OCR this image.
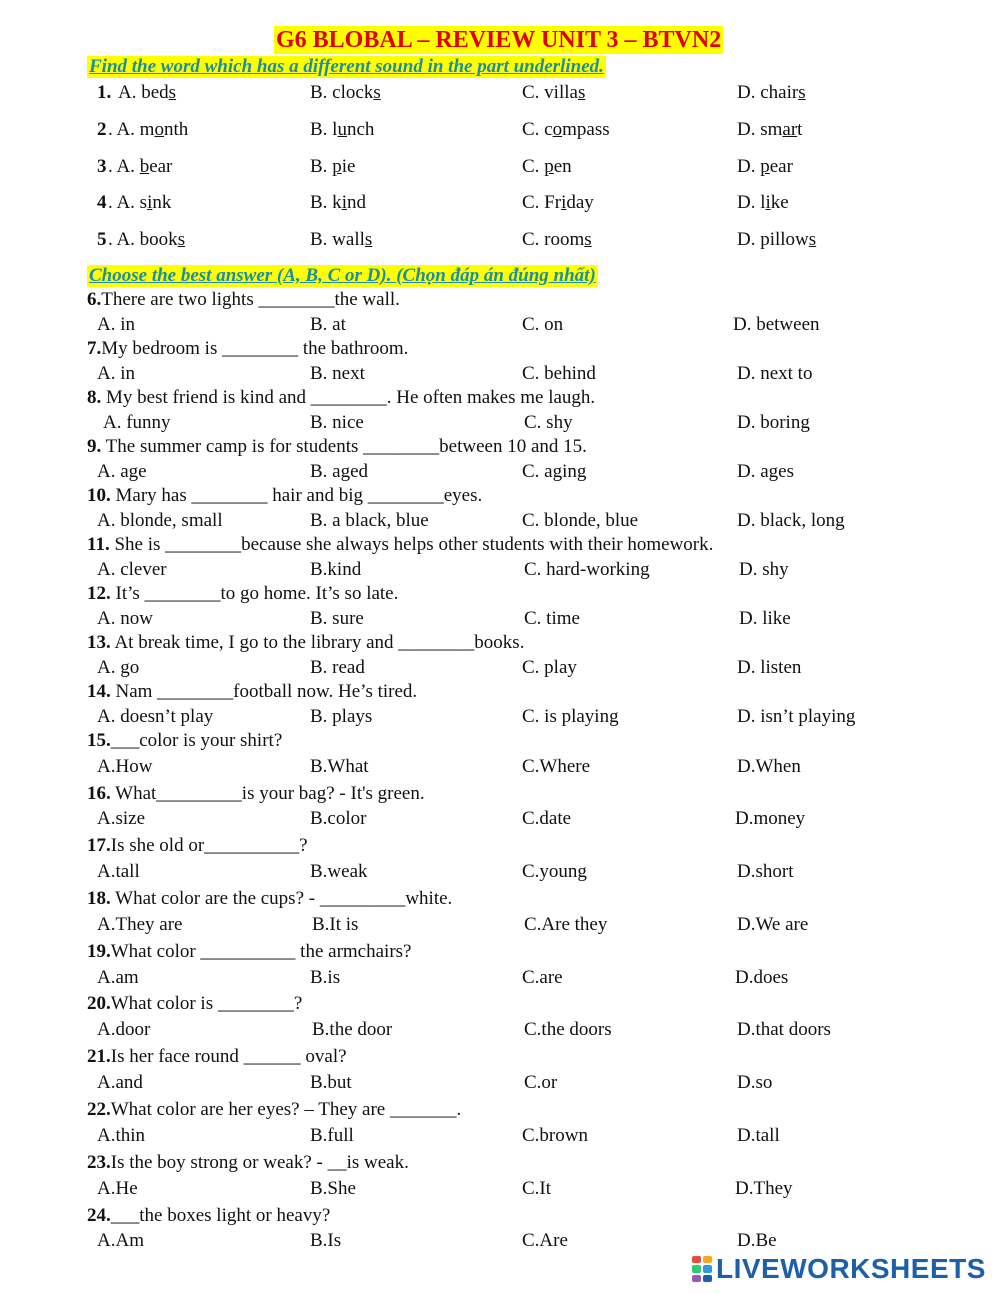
G6 BLOBAL – REVIEW UNIT 3 – BTVN2
Find the word which has a different sound in the part underlined.
1. A. beds	B. clocks	C. villas	D. chairs
2 . A. month	B. lunch	C. compass	D. smart
3 . A. bear	B. pie	C. pen	D. pear
4 . A. sink	B. kind	C. Friday	D. like
5 . A. books	B. walls	C. rooms	D. pillows
Choose the best answer (A, B, C or D). (Chọn đáp án đúng nhất)
6.There are two lights ________the wall.
A. in	B. at	C. on	D. between
7.My bedroom is ________ the bathroom.
A. in	B. next	C. behind	D. next to
8. My best friend is kind and ________. He often makes me laugh.
A. funny	B. nice	C. shy	D. boring
9. The summer camp is for students ________between 10 and 15.
A. age	B. aged	C. aging	D. ages
10. Mary has ________ hair and big ________eyes.
A. blonde, small	B. a black, blue	C. blonde, blue	D. black, long
11. She is ________because she always helps other students with their homework.
A. clever	B.kind	C. hard-working	D. shy
12. It’s ________to go home. It’s so late.
A. now	B. sure	C. time	D. like
13. At break time, I go to the library and ________books.
A. go	B. read	C. play	D. listen
14. Nam ________football now. He’s tired.
A. doesn’t play	B. plays	C. is playing	D. isn’t playing
15.___color is your shirt?
A.How	B.What	C.Where	D.When
16. What_________is your bag? - It's green.
A.size	B.color	C.date	D.money
17.Is she old or__________?
A.tall	B.weak	C.young	D.short
18. What color are the cups? - _________white.
A.They are	B.It is	C.Are they	D.We are
19.What color __________ the armchairs?
A.am	B.is	C.are	D.does
20.What color is ________?
A.door	B.the door	C.the doors	D.that doors
21.Is her face round ______ oval?
A.and	B.but	C.or	D.so
22.What color are her eyes? – They are _______.
A.thin	B.full	C.brown	D.tall
23.Is the boy strong or weak? - __is weak.
A.He	B.She	C.It	D.They
24.___the boxes light or heavy?
A.Am	B.Is	C.Are	D.Be
LIVEWORKSHEETS
